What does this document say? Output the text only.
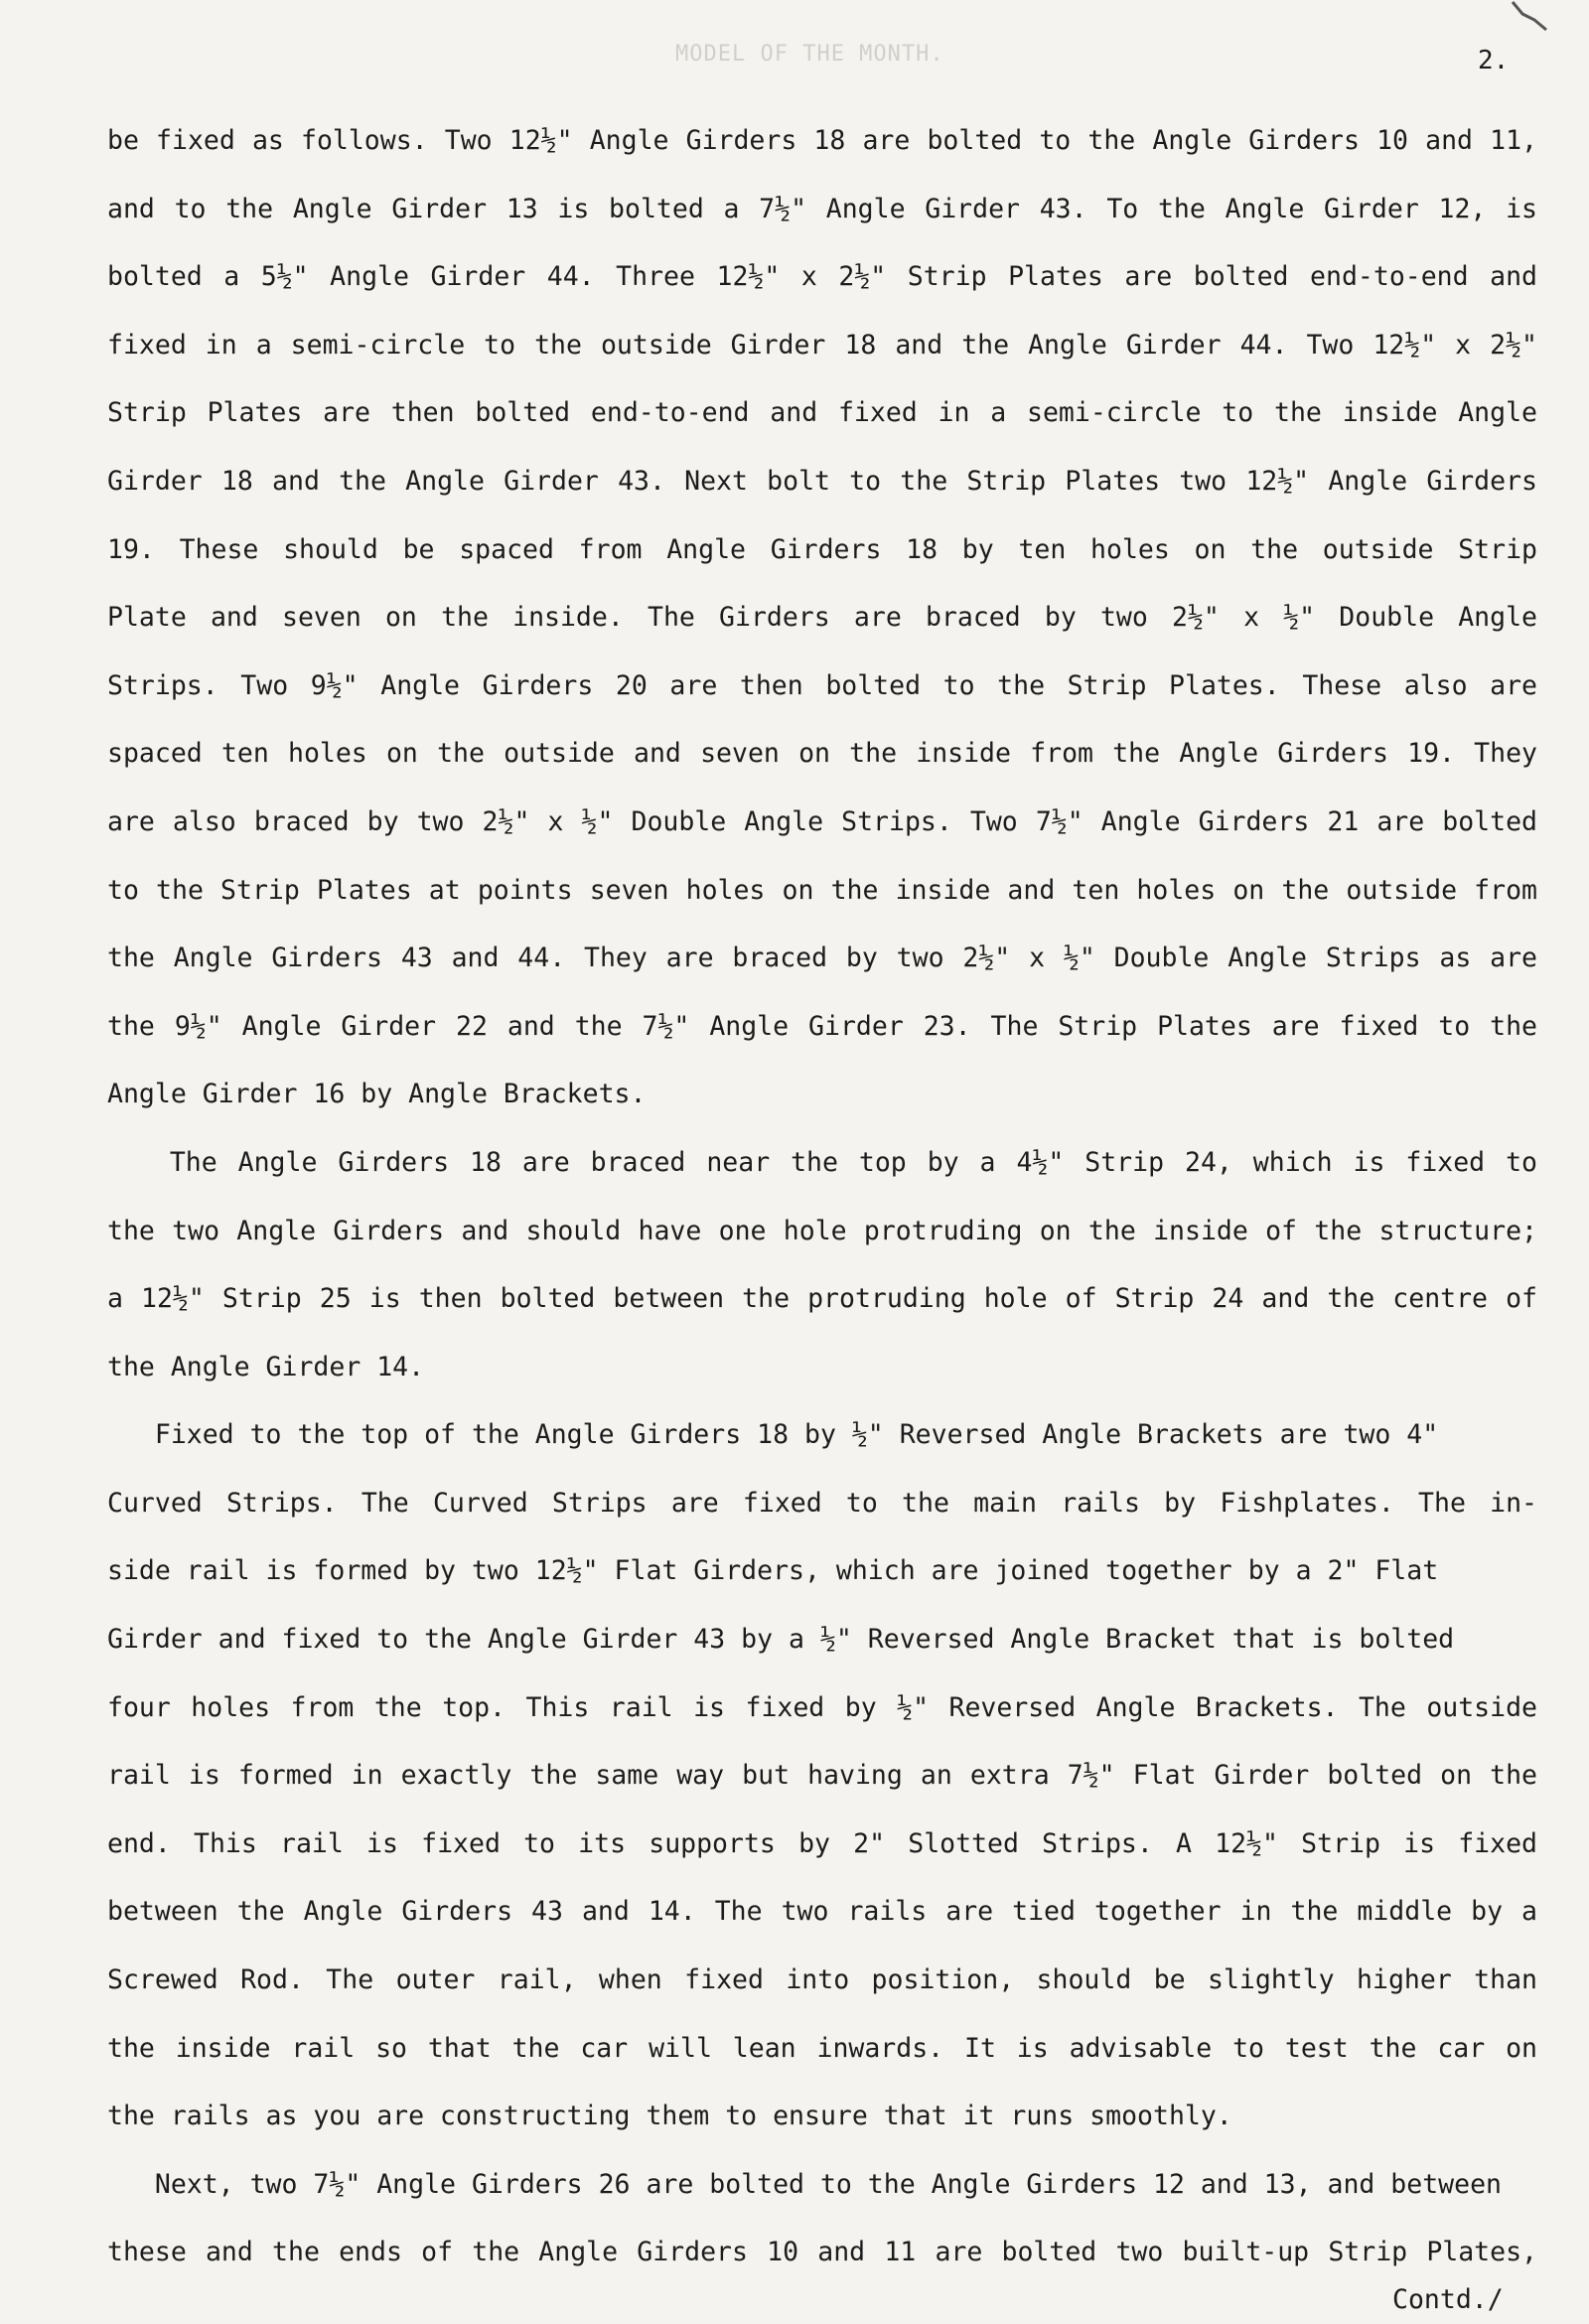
MODEL OF THE MONTH.	2.
be fixed as follows. Two 12½" Angle Girders 18 are bolted to the Angle Girders 10 and 11,
and to the Angle Girder 13 is bolted a 7½" Angle Girder 43. To the Angle Girder 12, is
bolted a 5½" Angle Girder 44. Three 12½" x 2½" Strip Plates are bolted end-to-end and
fixed in a semi-circle to the outside Girder 18 and the Angle Girder 44. Two 12½" x 2½"
Strip Plates are then bolted end-to-end and fixed in a semi-circle to the inside Angle
Girder 18 and the Angle Girder 43. Next bolt to the Strip Plates two 12½" Angle Girders
19. These should be spaced from Angle Girders 18 by ten holes on the outside Strip
Plate and seven on the inside. The Girders are braced by two 2½" x ½" Double Angle
Strips. Two 9½" Angle Girders 20 are then bolted to the Strip Plates. These also are
spaced ten holes on the outside and seven on the inside from the Angle Girders 19. They
are also braced by two 2½" x ½" Double Angle Strips. Two 7½" Angle Girders 21 are bolted
to the Strip Plates at points seven holes on the inside and ten holes on the outside from
the Angle Girders 43 and 44. They are braced by two 2½" x ½" Double Angle Strips as are
the 9½" Angle Girder 22 and the 7½" Angle Girder 23. The Strip Plates are fixed to the
Angle Girder 16 by Angle Brackets.
The Angle Girders 18 are braced near the top by a 4½" Strip 24, which is fixed to
the two Angle Girders and should have one hole protruding on the inside of the structure;
a 12½" Strip 25 is then bolted between the protruding hole of Strip 24 and the centre of
the Angle Girder 14.
Fixed to the top of the Angle Girders 18 by ½" Reversed Angle Brackets are two 4"
Curved Strips. The Curved Strips are fixed to the main rails by Fishplates. The in-
side rail is formed by two 12½" Flat Girders, which are joined together by a 2" Flat
Girder and fixed to the Angle Girder 43 by a ½" Reversed Angle Bracket that is bolted
four holes from the top. This rail is fixed by ½" Reversed Angle Brackets. The outside
rail is formed in exactly the same way but having an extra 7½" Flat Girder bolted on the
end. This rail is fixed to its supports by 2" Slotted Strips. A 12½" Strip is fixed
between the Angle Girders 43 and 14. The two rails are tied together in the middle by a
Screwed Rod. The outer rail, when fixed into position, should be slightly higher than
the inside rail so that the car will lean inwards. It is advisable to test the car on
the rails as you are constructing them to ensure that it runs smoothly.
Next, two 7½" Angle Girders 26 are bolted to the Angle Girders 12 and 13, and between
these and the ends of the Angle Girders 10 and 11 are bolted two built-up Strip Plates,
Contd./
